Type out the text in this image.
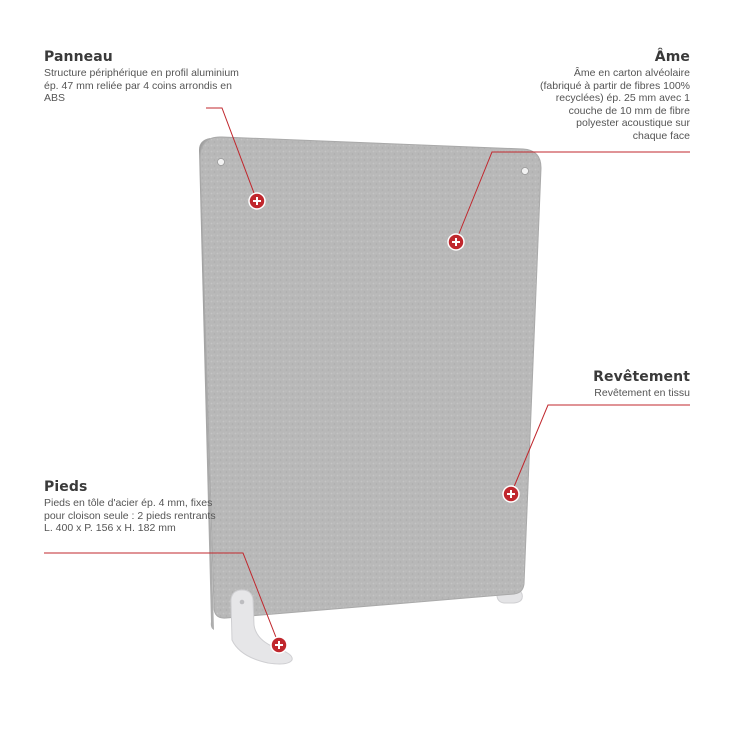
Panneau

Structure périphérique en profil aluminium ép. 47 mm reliée par 4 coins arrondis en ABS

Âme

Âme en carton alvéolaire (fabriqué à partir de fibres 100% recyclées) ép. 25 mm avec 1 couche de 10 mm de fibre polyester acoustique sur chaque face

Revêtement

Revêtement en tissu

Pieds

Pieds en tôle d'acier ép. 4 mm, fixes pour cloison seule : 2 pieds rentrants L. 400 x P. 156 x H. 182 mm
